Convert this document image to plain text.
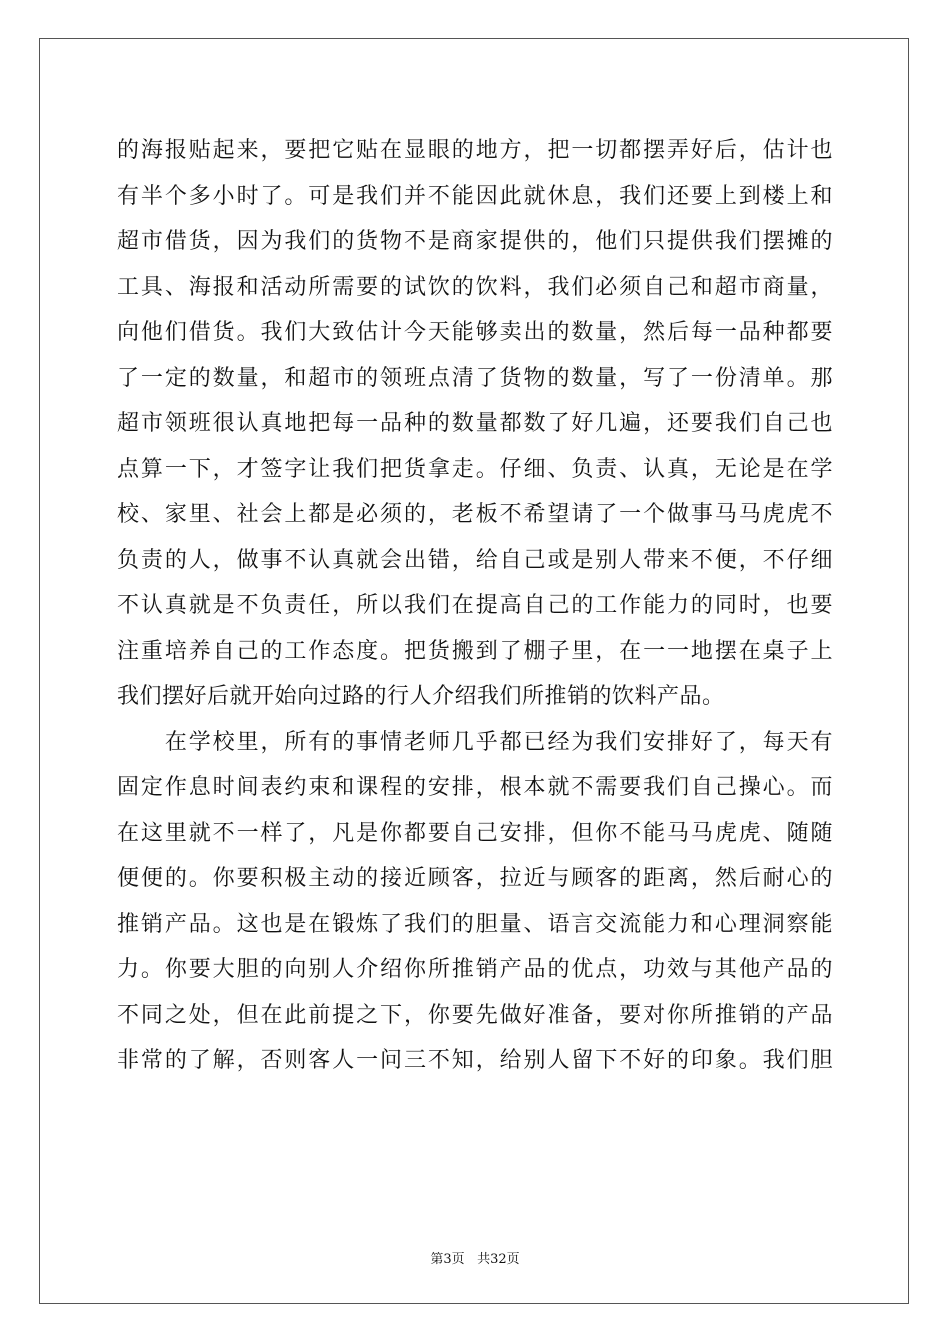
的海报贴起来，要把它贴在显眼的地方，把一切都摆弄好后，估计也
有半个多小时了。可是我们并不能因此就休息，我们还要上到楼上和
超市借货，因为我们的货物不是商家提供的，他们只提供我们摆摊的
工具、海报和活动所需要的试饮的饮料，我们必须自己和超市商量，
向他们借货。我们大致估计今天能够卖出的数量，然后每一品种都要
了一定的数量，和超市的领班点清了货物的数量，写了一份清单。那
超市领班很认真地把每一品种的数量都数了好几遍，还要我们自己也
点算一下，才签字让我们把货拿走。仔细、负责、认真，无论是在学
校、家里、社会上都是必须的，老板不希望请了一个做事马马虎虎不
负责的人，做事不认真就会出错，给自己或是别人带来不便，不仔细
不认真就是不负责任，所以我们在提高自己的工作能力的同时，也要
注重培养自己的工作态度。把货搬到了棚子里，在一一地摆在桌子上
我们摆好后就开始向过路的行人介绍我们所推销的饮料产品。
　　在学校里，所有的事情老师几乎都已经为我们安排好了，每天有
固定作息时间表约束和课程的安排，根本就不需要我们自己操心。而
在这里就不一样了，凡是你都要自己安排，但你不能马马虎虎、随随
便便的。你要积极主动的接近顾客，拉近与顾客的距离，然后耐心的
推销产品。这也是在锻炼了我们的胆量、语言交流能力和心理洞察能
力。你要大胆的向别人介绍你所推销产品的优点，功效与其他产品的
不同之处，但在此前提之下，你要先做好准备，要对你所推销的产品
非常的了解，否则客人一问三不知，给别人留下不好的印象。我们胆
第3页 共32页
